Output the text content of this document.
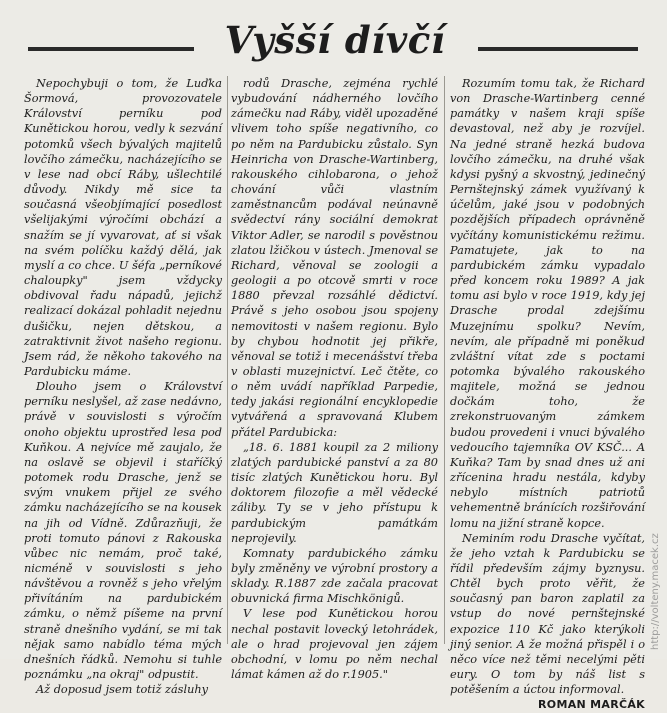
Vyšší dívčí

Nepochybuji o tom, že Luďka Šormová, provozovatele Království perníku pod Kunětickou horou, vedly k sezvání potomků všech bývalých majitelů lovčího zámečku, nacházejícího se v lese nad obcí Ráby, ušlechtilé důvody. Nikdy mě sice ta současná všeobjímající posedlost všelijakými výročími obchází a snažím se jí vyvarovat, ať si však na svém políčku každý dělá, jak myslí a co chce. U šéfa „perníkové chaloupky" jsem vždycky obdivoval řadu nápadů, jejichž realizací dokázal pohladit nejednu dušičku, nejen dětskou, a zatraktivnit život našeho regionu. Jsem rád, že někoho takového na Pardubicku máme.

Dlouho jsem o Království perníku neslyšel, až zase nedávno, právě v souvislosti s výročím onoho objektu uprostřed lesa pod Kuňkou. A nejvíce mě zaujalo, že na oslavě se objevil i staříčký potomek rodu Drasche, jenž se svým vnukem přijel ze svého zámku nacházejícího se na kousek na jih od Vídně. Zdůrazňuji, že proti tomuto pánovi z Rakouska vůbec nic nemám, proč také, nicméně v souvislosti s jeho návštěvou a rovněž s jeho vřelým přivítáním na pardubickém zámku, o němž píšeme na první straně dnešního vydání, se mi tak nějak samo nabídlo téma mých dnešních řádků. Nemohu si tuhle poznámku „na okraj" odpustit.

Až doposud jsem totiž zásluhy

rodů Drasche, zejména rychlé vybudování nádherného lovčího zámečku nad Ráby, viděl upozaděné vlivem toho spíše negativního, co po něm na Pardubicku zůstalo. Syn Heinricha von Drasche-Wartinberg, rakouského cihlobarona, o jehož chování vůči vlastním zaměstnancům podával neúnavně svědectví rány sociální demokrat Viktor Adler, se narodil s pověstnou zlatou lžičkou v ústech. Jmenoval se Richard, věnoval se zoologii a geologii a po otcově smrti v roce 1880 převzal rozsáhlé dědictví. Právě s jeho osobou jsou spojeny nemovitosti v našem regionu. Bylo by chybou hodnotit jej přikře, věnoval se totiž i mecenášství třeba v oblasti muzejnictví. Leč čtěte, co o něm uvádí například Parpedie, tedy jakási regionální encyklopedie vytvářená a spravovaná Klubem přátel Pardubicka:

„18. 6. 1881 koupil za 2 miliony zlatých pardubické panství a za 80 tisíc zlatých Kunětickou horu. Byl doktorem filozofie a měl vědecké záliby. Ty se v jeho přístupu k pardubickým památkám neprojevily.

Komnaty pardubického zámku byly změněny ve výrobní prostory a sklady. R.1887 zde začala pracovat obuvnická firma Mischkönigů.

V lese pod Kunětickou horou nechal postavit lovecký letohrádek, ale o hrad projevoval jen zájem obchodní, v lomu po něm nechal lámat kámen až do r.1905."

Rozumím tomu tak, že Richard von Drasche-Wartinberg cenné památky v našem kraji spíše devastoval, než aby je rozvíjel. Na jedné straně hezká budova lovčího zámečku, na druhé však kdysi pyšný a skvostný, jedinečný Pernštejnský zámek využívaný k účelům, jaké jsou v podobných pozdějších případech oprávněně vyčítány komunistickému režimu. Pamatujete, jak to na pardubickém zámku vypadalo před koncem roku 1989? A jak tomu asi bylo v roce 1919, kdy jej Drasche prodal zdejšímu Muzejnímu spolku? Nevím, nevím, ale případně mi poněkud zvláštní vítat zde s poctami potomka bývalého rakouského majitele, možná se jednou dočkám toho, že zrekonstruovaným zámkem budou provedeni i vnuci bývalého vedoucího tajemníka OV KSČ... A Kuňka? Tam by snad dnes už ani zřícenina hradu nestála, kdyby nebylo místních patriotů vehementně bránících rozšiřování lomu na jižní straně kopce.

Neminím rodu Drasche vyčítat, že jeho vztah k Pardubicku se řídil především zájmy byznysu. Chtěl bych proto věřit, že současný pan baron zaplatil za vstup do nové pernštejnské expozice 110 Kč jako kterýkoli jiný senior. A že možná přispěl i o něco více než těmi necelými pěti eury. O tom by náš list s potěšením a úctou informoval.

ROMAN MARČÁK
http://volteny.macek.cz
